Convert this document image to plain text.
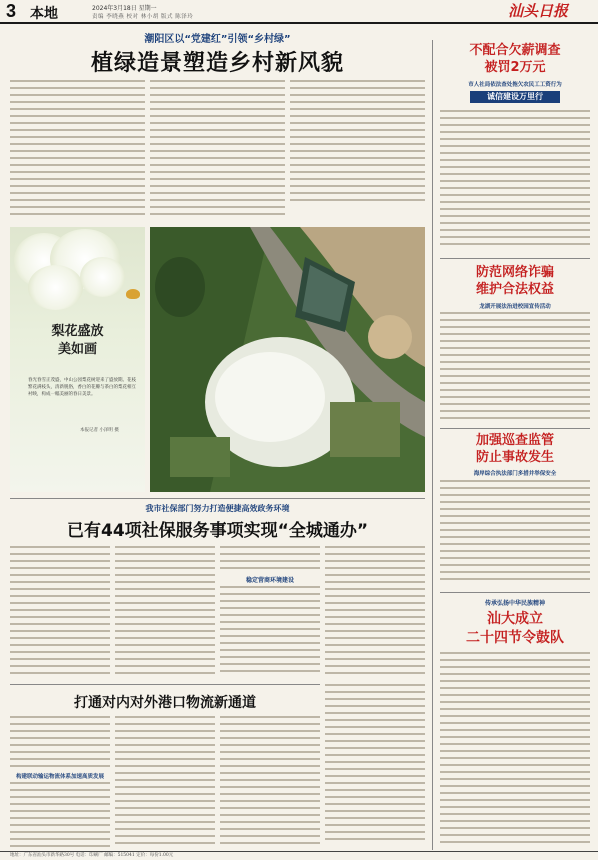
3 本地	2024年3月18日 星期一
责编 李晓燕 校对 林小胡 版式 陈泽玲	汕头日报
潮阳区以“党建红”引领“乡村绿”
植绿造景塑造乡村新风貌
梨花盛放
美如画
春光春雪正茂盛，中山公园梨花树迎来了盛放期。花枝繁花满枝头，清新脱俗，香白的花瓣与茶白的梨花相互衬映，构成一幅美丽的春日美景。
本报记者 小泽明 摄
我市社保部门努力打造便捷高效政务环境
已有44项社保服务事项实现“全城通办”
稳定营商环境建设
打通对内对外港口物流新通道
构建联动输运物流体系加速高质发展
不配合欠薪调查
被罚2万元
市人社局依法查处拖欠农民工工资行为
诚信建设万里行
防范网络诈骗
维护合法权益
龙湖开展法治进校园宣传活动
加强巡查监管
防止事故发生
海岸综合执法部门多措并举保安全
传承弘扬中华民族精神
汕大成立
二十四节令鼓队
地址：广东省汕头市新华路30号 电话：印刷厂 邮编：515041 定价：每份1.00元
